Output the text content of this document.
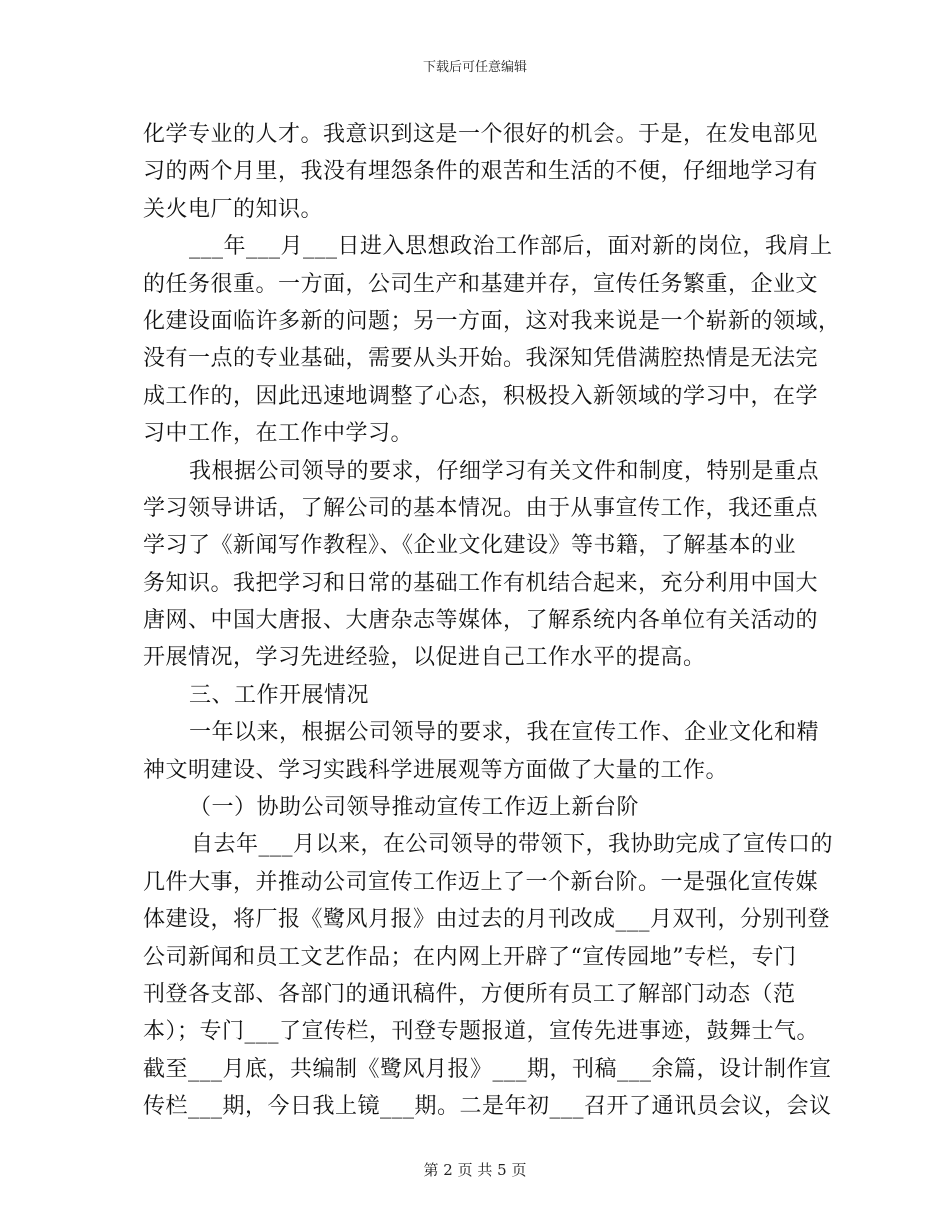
下载后可任意编辑
化学专业的人才。我意识到这是一个很好的机会。于是，在发电部见
习的两个月里，我没有埋怨条件的艰苦和生活的不便，仔细地学习有
关火电厂的知识。
___年___月___日进入思想政治工作部后，面对新的岗位，我肩上
的任务很重。一方面，公司生产和基建并存，宣传任务繁重，企业文
化建设面临许多新的问题；另一方面，这对我来说是一个崭新的领域，
没有一点的专业基础，需要从头开始。我深知凭借满腔热情是无法完
成工作的，因此迅速地调整了心态，积极投入新领域的学习中，在学
习中工作，在工作中学习。
我根据公司领导的要求，仔细学习有关文件和制度，特别是重点
学习领导讲话，了解公司的基本情况。由于从事宣传工作，我还重点
学习了《新闻写作教程》、《企业文化建设》等书籍，了解基本的业
务知识。我把学习和日常的基础工作有机结合起来，充分利用中国大
唐网、中国大唐报、大唐杂志等媒体，了解系统内各单位有关活动的
开展情况，学习先进经验，以促进自己工作水平的提高。
三、工作开展情况
一年以来，根据公司领导的要求，我在宣传工作、企业文化和精
神文明建设、学习实践科学进展观等方面做了大量的工作。
（一）协助公司领导推动宣传工作迈上新台阶
自去年___月以来，在公司领导的带领下，我协助完成了宣传口的
几件大事，并推动公司宣传工作迈上了一个新台阶。一是强化宣传媒
体建设，将厂报《鹭风月报》由过去的月刊改成___月双刊，分别刊登
公司新闻和员工文艺作品；在内网上开辟了“宣传园地”专栏，专门
刊登各支部、各部门的通讯稿件，方便所有员工了解部门动态（范
本）；专门___了宣传栏，刊登专题报道，宣传先进事迹，鼓舞士气。
截至___月底，共编制《鹭风月报》___期，刊稿___余篇，设计制作宣
传栏___期，今日我上镜___期。二是年初___召开了通讯员会议，会议
第 2 页 共 5 页
